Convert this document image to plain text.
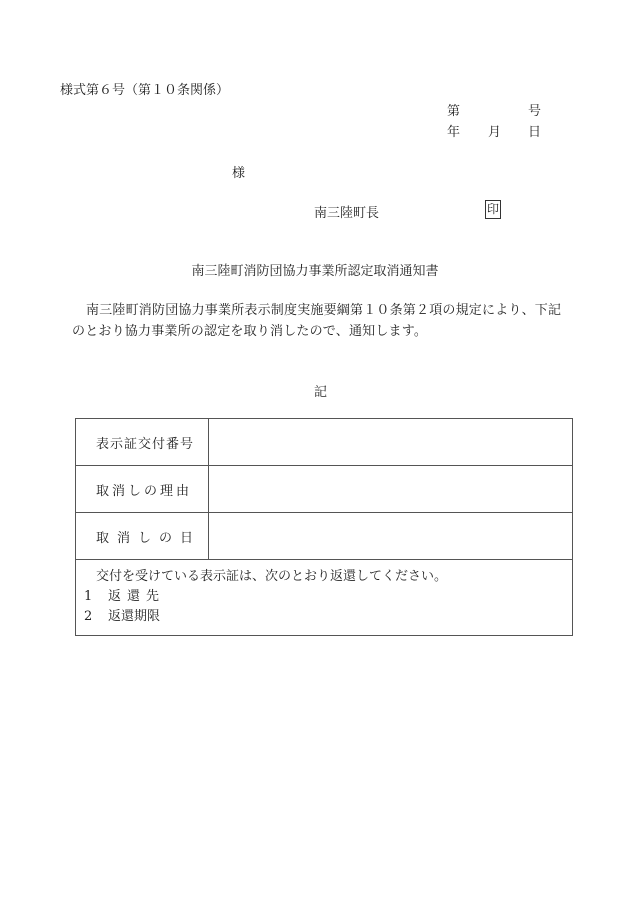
様式第６号（第１０条関係）
第	号
年 月 日
様
南三陸町長	印
南三陸町消防団協力事業所認定取消通知書
南三陸町消防団協力事業所表示制度実施要綱第１０条第２項の規定により、下記のとおり協力事業所の認定を取り消したので、通知します。
記
表示証交付番号	
取消しの理由	
取消しの日	

交付を受けている表示証は、次のとおり返還してください。
1 返還先
2 返還期限	
